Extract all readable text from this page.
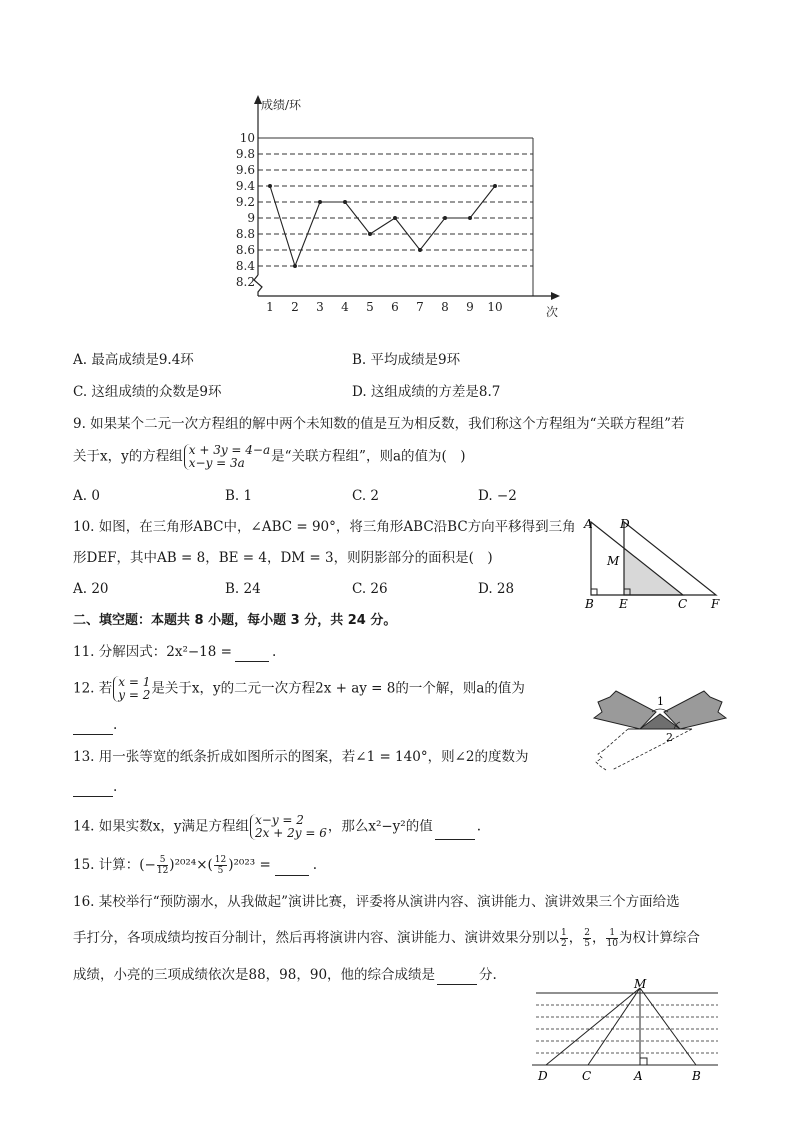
10
9.8
9.6
9.4
9.2
9
8.8
8.6
8.4
8.2
成绩/环
次
1 2 3 4 5 6 7 8 9 10
A. 最高成绩是9.4环	B. 平均成绩是9环
C. 这组成绩的众数是9环	D. 这组成绩的方差是8.7
9. 如果某个二元一次方程组的解中两个未知数的值是互为相反数，我们称这个方程组为“关联方程组”若
关于x，y的方程组 x + 3y = 4−a
x−y = 3a	是“关联方程组”，则a的值为(　)
A. 0	B. 1	C. 2	D. −2
10. 如图，在三角形ABC中，∠ABC = 90°，将三角形ABC沿BC方向平移得到三角
形DEF，其中AB = 8，BE = 4，DM = 3，则阴影部分的面积是(　)
A. 20	B. 24	C. 26	D. 28
A D
M
B E	C F
二、填空题：本题共 8 小题，每小题 3 分，共 24 分。
11. 分解因式：2x²−18 =	.
12. 若 x = 1
y = 2 是关于x，y的二元一次方程2x + ay = 8的一个解，则a的值为
.
1
2
13. 用一张等宽的纸条折成如图所示的图案，若∠1 = 140°，则∠2的度数为
.
14. 如果实数x，y满足方程组 x−y = 2
2x + 2y = 6 ，那么x²−y²的值	.
15. 计算：(− $\frac{5}{12} )^{2024}\times( \frac{12}{5} )^{2023}$ =	.
16. 某校举行“预防溺水，从我做起”演讲比赛，评委将从演讲内容、演讲能力、演讲效果三个方面给选
手打分，各项成绩均按百分制计，然后再将演讲内容、演讲能力、演讲效果分别以 $\frac{1}{2}$ ， $\frac{2}{5}$ ， $\frac{1}{10}$ 为权计算综合
成绩，小亮的三项成绩依次是88，98，90，他的综合成绩是	分.
M
D	C	A	B
